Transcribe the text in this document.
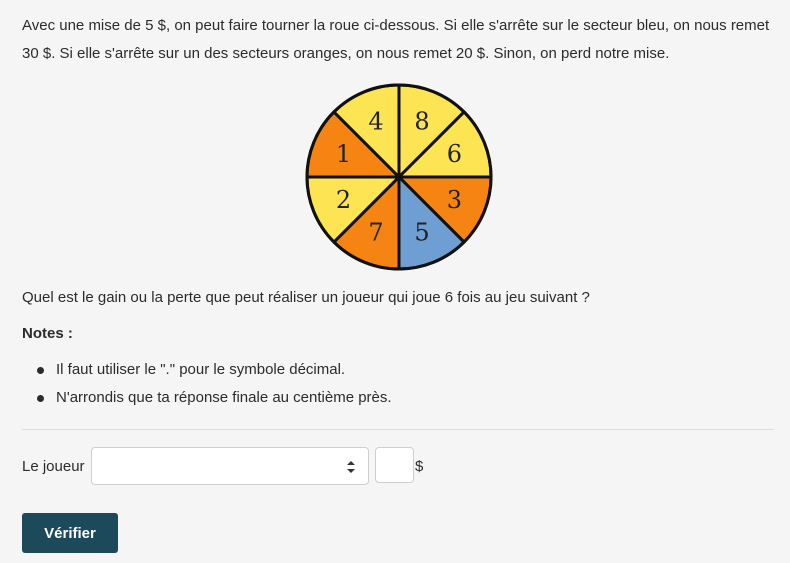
Avec une mise de 5 $, on peut faire tourner la roue ci-dessous. Si elle s'arrête sur le secteur bleu, on nous remet 30 $. Si elle s'arrête sur un des secteurs oranges, on nous remet 20 $. Sinon, on perd notre mise.

8
6
3
5
7
2
1
4

Quel est le gain ou la perte que peut réaliser un joueur qui joue 6 fois au jeu suivant ?

Notes :

Il faut utiliser le "." pour le symbole décimal.
N'arrondis que ta réponse finale au centième près.
Le joueur	$
Vérifier
